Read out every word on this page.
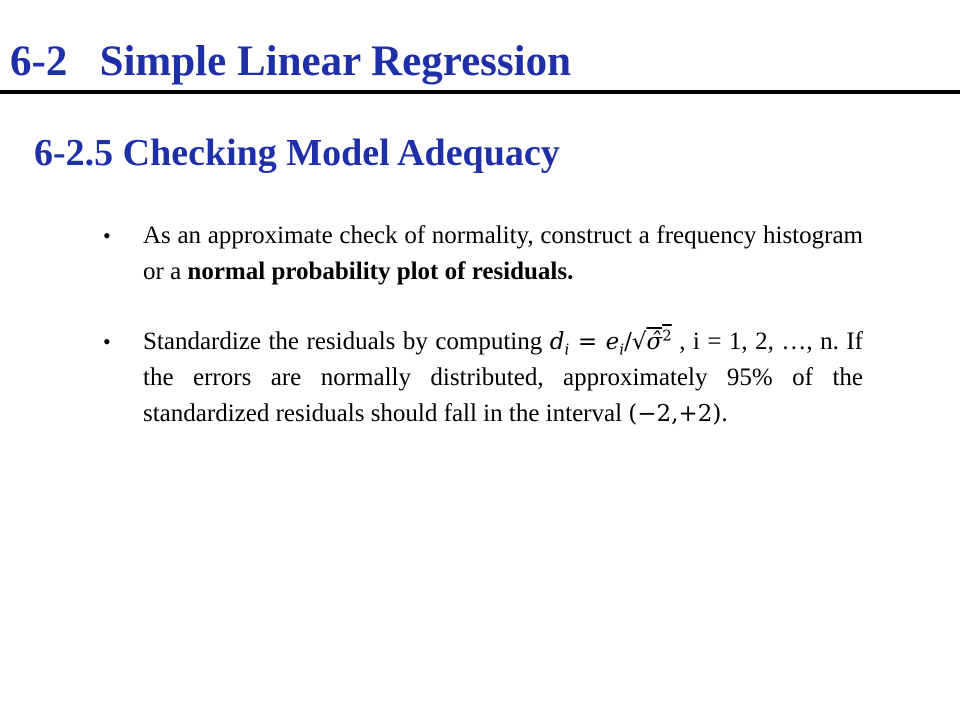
6-2   Simple Linear Regression
6-2.5 Checking Model Adequacy
•	As an approximate check of normality, construct a frequency histogram or a normal probability plot of residuals.
•	Standardize the residuals by computing $d_i$ = $e_i/√\sigmâ^2$ , i = 1, 2, …, n. If the errors are normally distributed, approximately 95% of the standardized residuals should fall in the interval (−2,+2).
